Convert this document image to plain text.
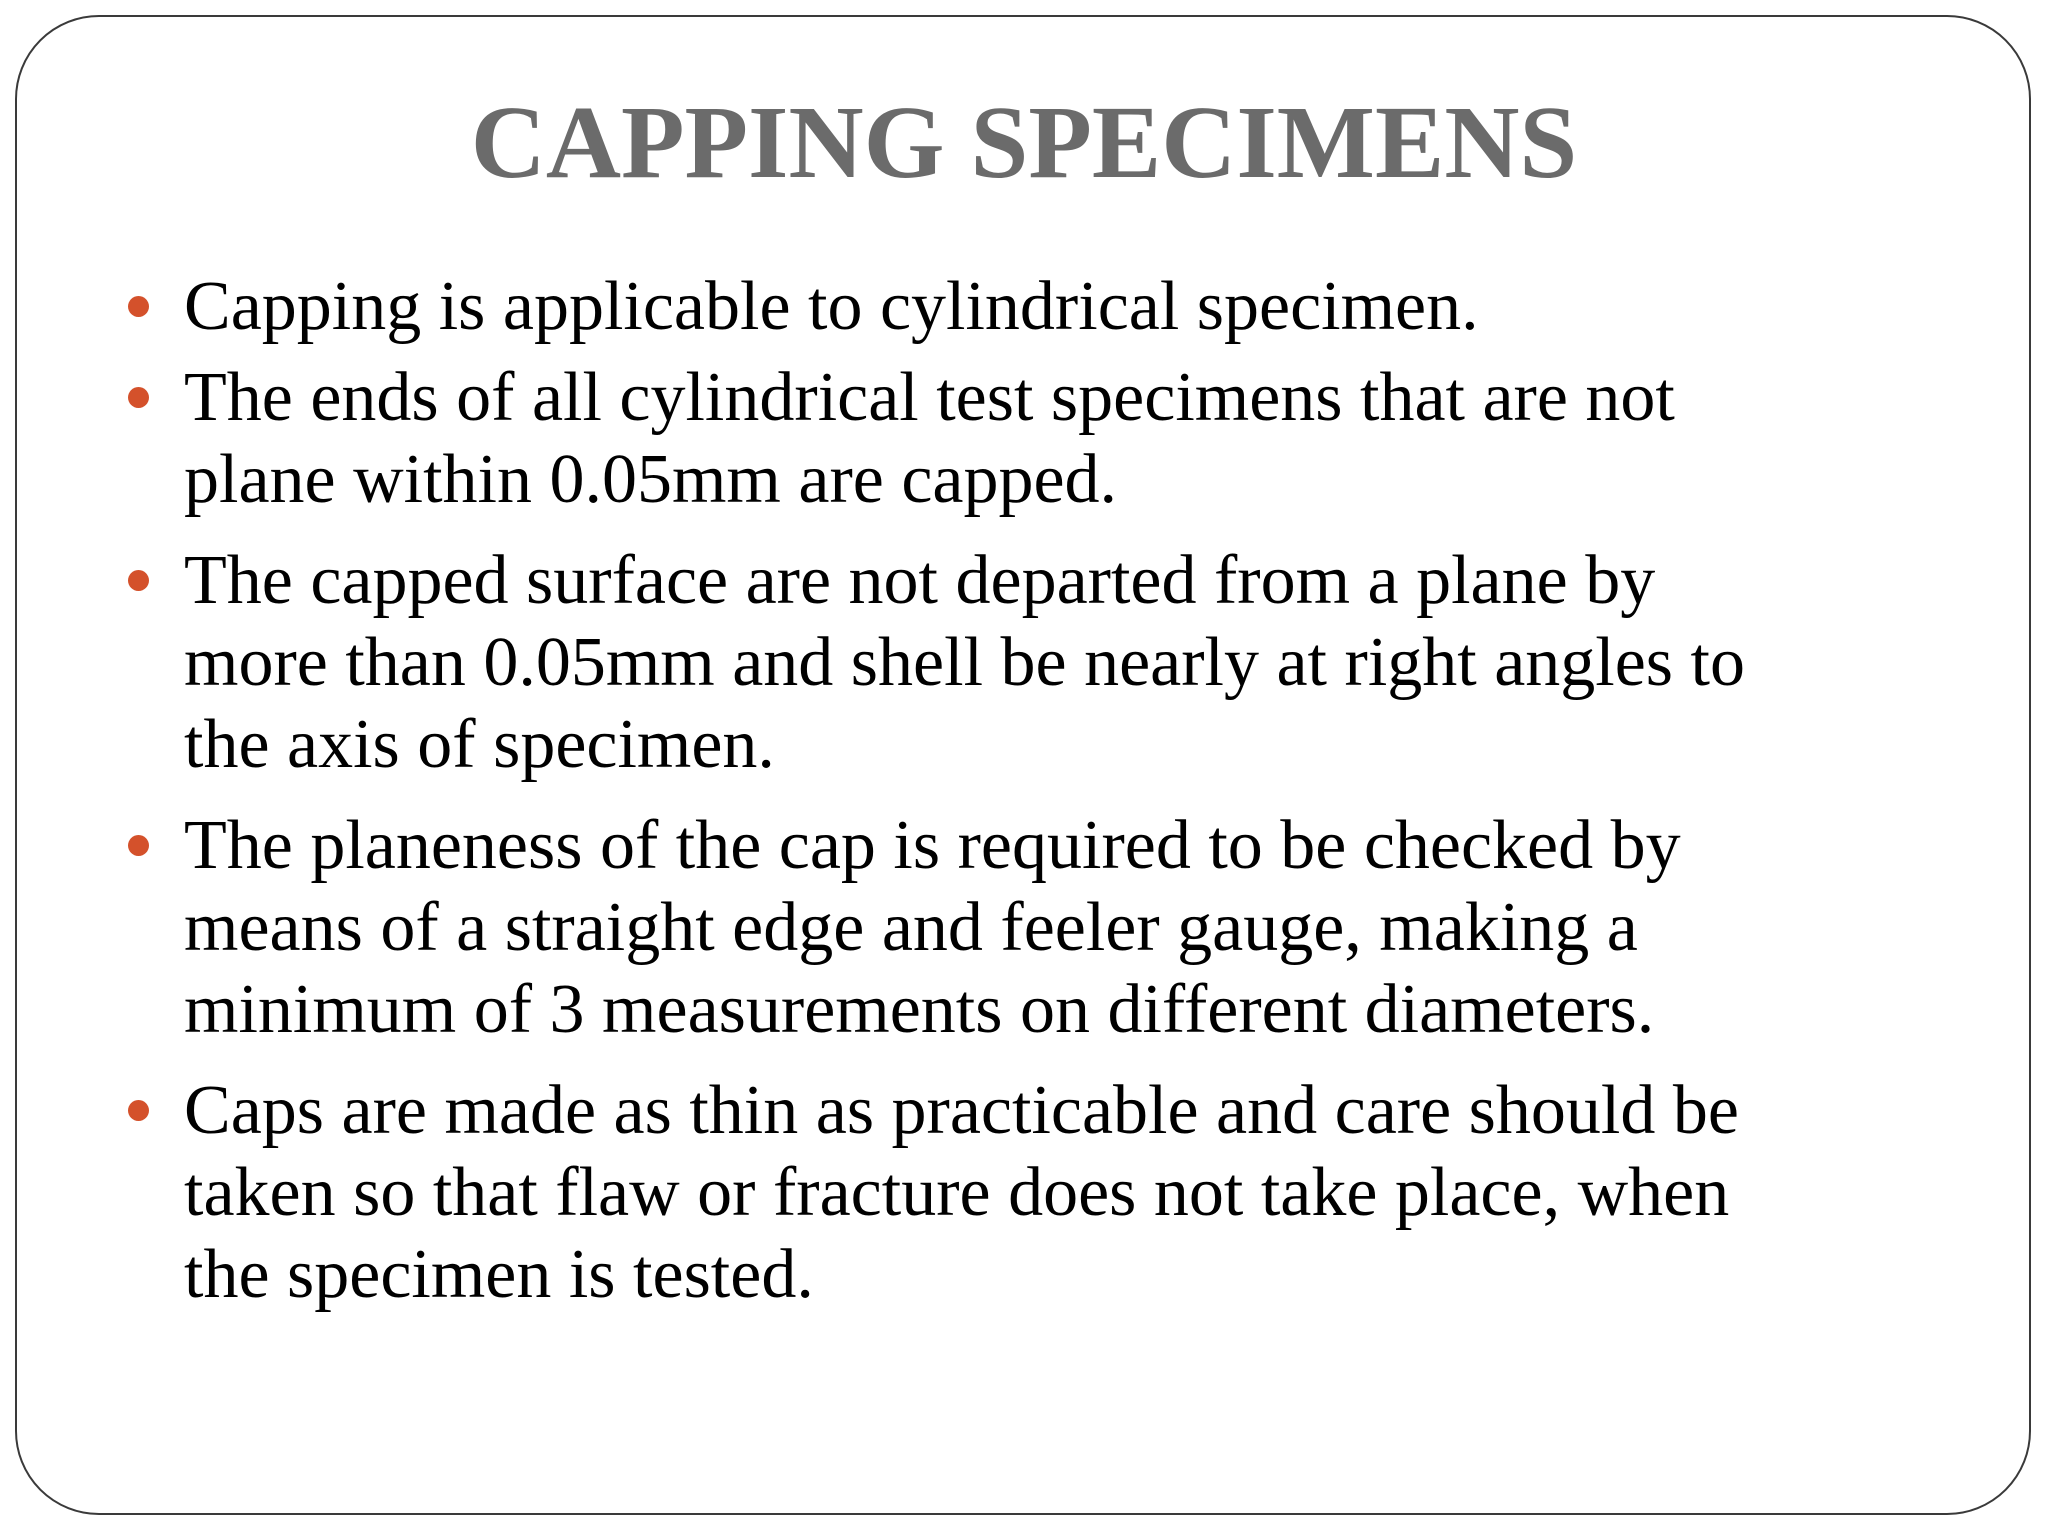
CAPPING SPECIMENS
Capping is applicable to cylindrical specimen.
The ends of all cylindrical test specimens that are not
plane within 0.05mm are capped.
The capped surface are not departed from a plane by
more than 0.05mm and shell be nearly at right angles to
the axis of specimen.
The planeness of the cap is required to be checked by
means of a straight edge and feeler gauge, making a
minimum of 3 measurements on different diameters.
Caps are made as thin as practicable and care should be
taken so that flaw or fracture does not take place, when
the specimen is tested.
